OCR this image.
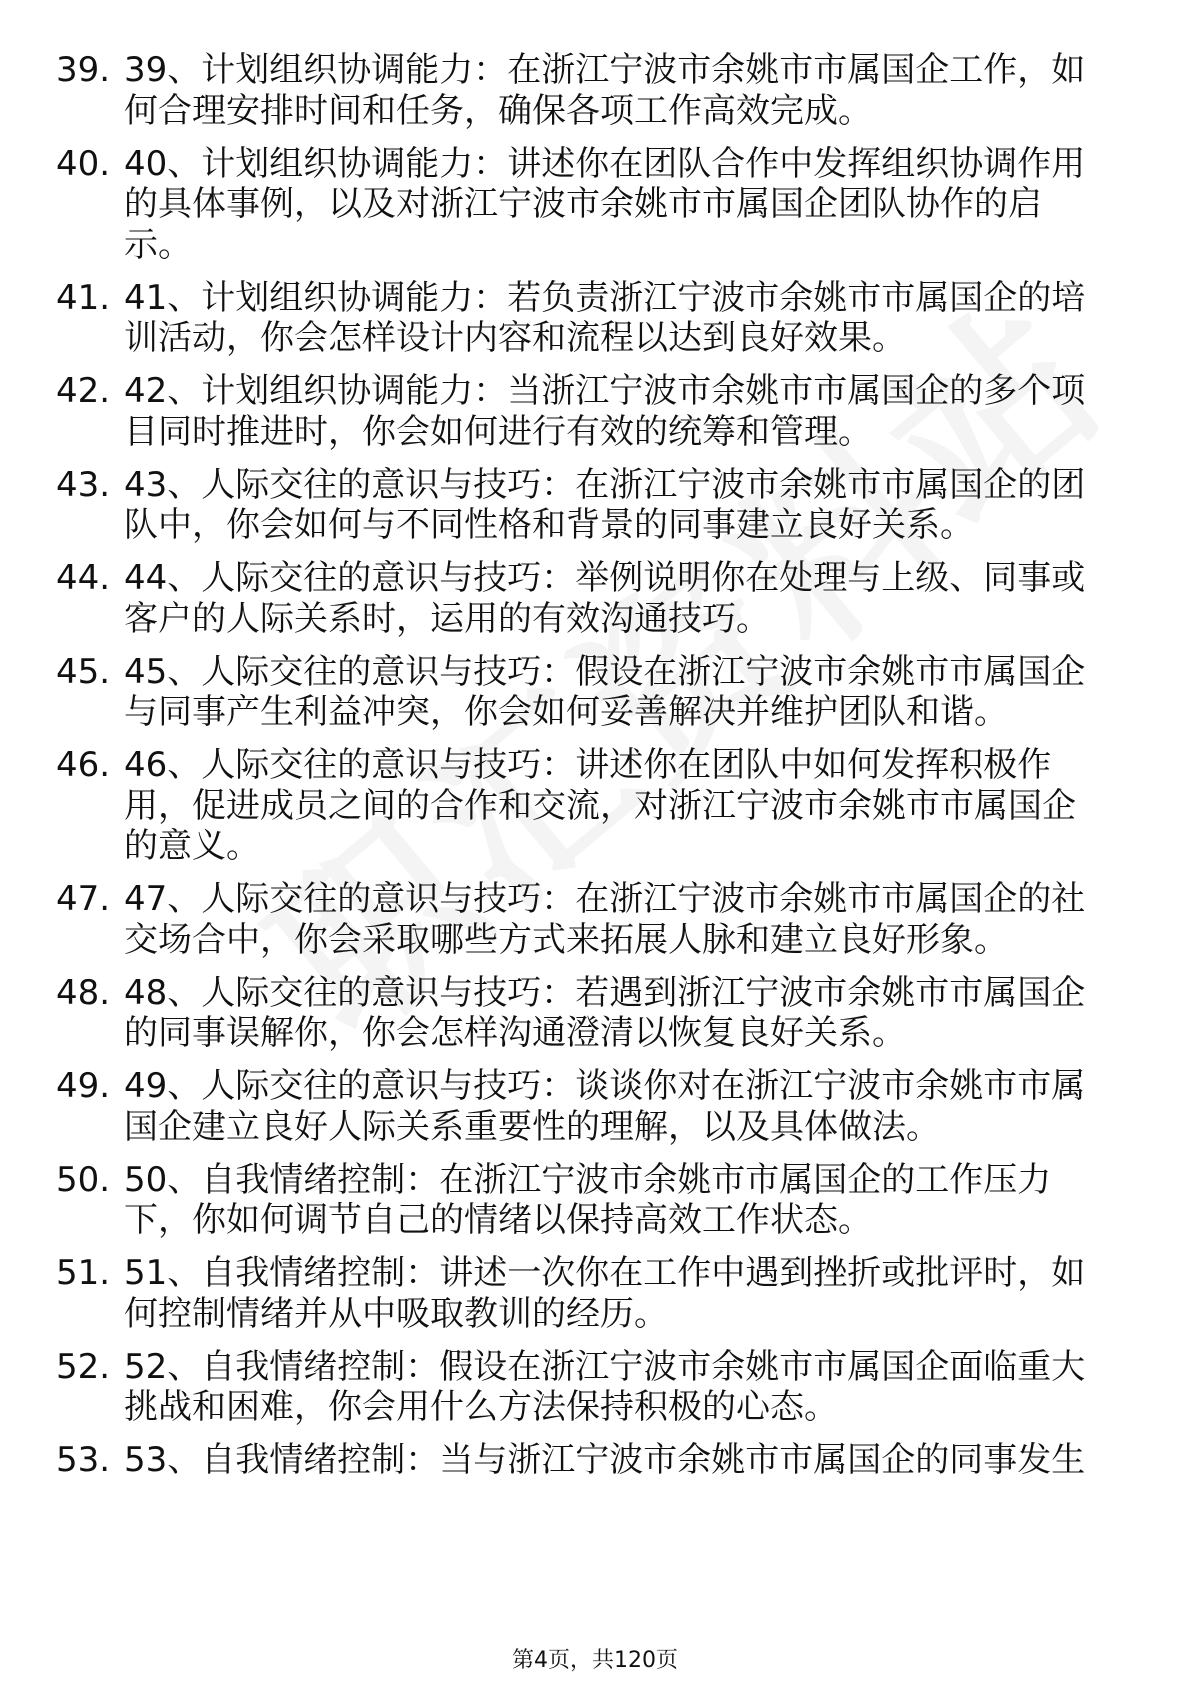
39. 39、计划组织协调能力：在浙江宁波市余姚市市属国企工作，如何合理安排时间和任务，确保各项工作高效完成。
40. 40、计划组织协调能力：讲述你在团队合作中发挥组织协调作用的具体事例，以及对浙江宁波市余姚市市属国企团队协作的启示。
41. 41、计划组织协调能力：若负责浙江宁波市余姚市市属国企的培训活动，你会怎样设计内容和流程以达到良好效果。
42. 42、计划组织协调能力：当浙江宁波市余姚市市属国企的多个项目同时推进时，你会如何进行有效的统筹和管理。
43. 43、人际交往的意识与技巧：在浙江宁波市余姚市市属国企的团队中，你会如何与不同性格和背景的同事建立良好关系。
44. 44、人际交往的意识与技巧：举例说明你在处理与上级、同事或客户的人际关系时，运用的有效沟通技巧。
45. 45、人际交往的意识与技巧：假设在浙江宁波市余姚市市属国企与同事产生利益冲突，你会如何妥善解决并维护团队和谐。
46. 46、人际交往的意识与技巧：讲述你在团队中如何发挥积极作用，促进成员之间的合作和交流，对浙江宁波市余姚市市属国企的意义。
47. 47、人际交往的意识与技巧：在浙江宁波市余姚市市属国企的社交场合中，你会采取哪些方式来拓展人脉和建立良好形象。
48. 48、人际交往的意识与技巧：若遇到浙江宁波市余姚市市属国企的同事误解你，你会怎样沟通澄清以恢复良好关系。
49. 49、人际交往的意识与技巧：谈谈你对在浙江宁波市余姚市市属国企建立良好人际关系重要性的理解，以及具体做法。
50. 50、自我情绪控制：在浙江宁波市余姚市市属国企的工作压力下，你如何调节自己的情绪以保持高效工作状态。
51. 51、自我情绪控制：讲述一次你在工作中遇到挫折或批评时，如何控制情绪并从中吸取教训的经历。
52. 52、自我情绪控制：假设在浙江宁波市余姚市市属国企面临重大挑战和困难，你会用什么方法保持积极的心态。
53. 53、自我情绪控制：当与浙江宁波市余姚市市属国企的同事发生
第4页，共120页
